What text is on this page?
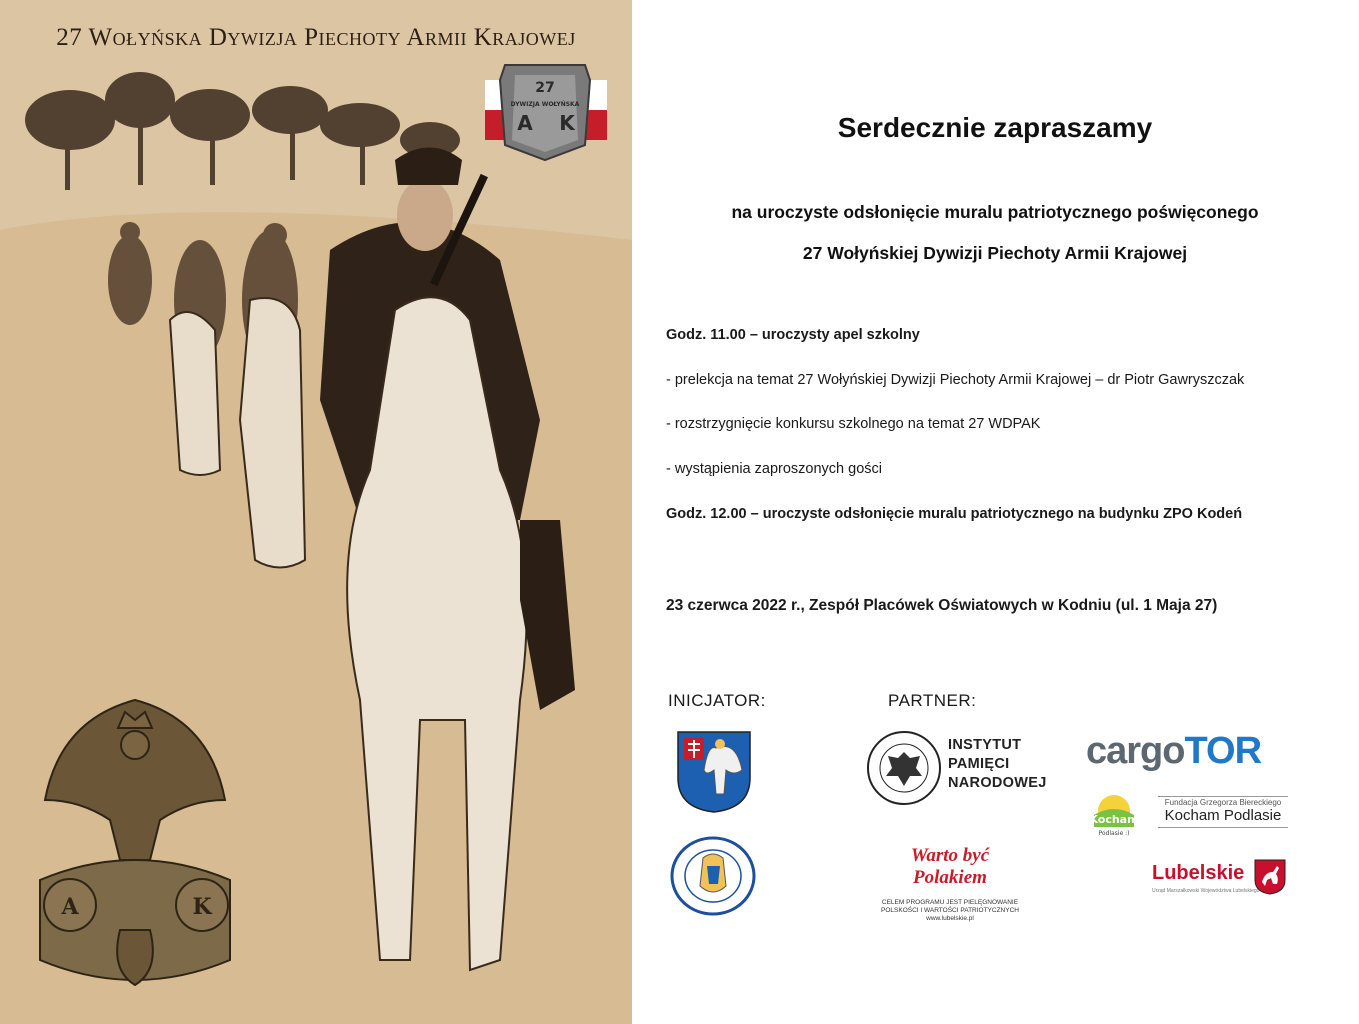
27
DYWIZJA WOŁYŃSKA
A K
A	K
27 Wołyńska Dywizja Piechoty Armii Krajowej
Serdecznie zapraszamy
na uroczyste odsłonięcie muralu patriotycznego poświęconego
27 Wołyńskiej Dywizji Piechoty Armii Krajowej
Godz. 11.00 – uroczysty apel szkolny
- prelekcja na temat 27 Wołyńskiej Dywizji Piechoty Armii Krajowej – dr Piotr Gawryszczak
- rozstrzygnięcie konkursu szkolnego na temat 27 WDPAK
- wystąpienia zaproszonych gości
Godz. 12.00 – uroczyste odsłonięcie muralu patriotycznego na budynku ZPO Kodeń
23 czerwca 2022 r., Zespół Placówek Oświatowych w Kodniu (ul. 1 Maja 27)
INICJATOR:	PARTNER:
INSTYTUT
PAMIĘCI
NARODOWEJ
cargoTOR
Kocham
Podlasie :)
Fundacja Grzegorza Biereckiego
Kocham Podlasie
Warto być Polakiem
CELEM PROGRAMU JEST PIELĘGNOWANIE
POLSKOŚCI I WARTOŚCI PATRIOTYCZNYCH
www.lubelskie.pl
Lubelskie
Urząd Marszałkowski Województwa Lubelskiego
